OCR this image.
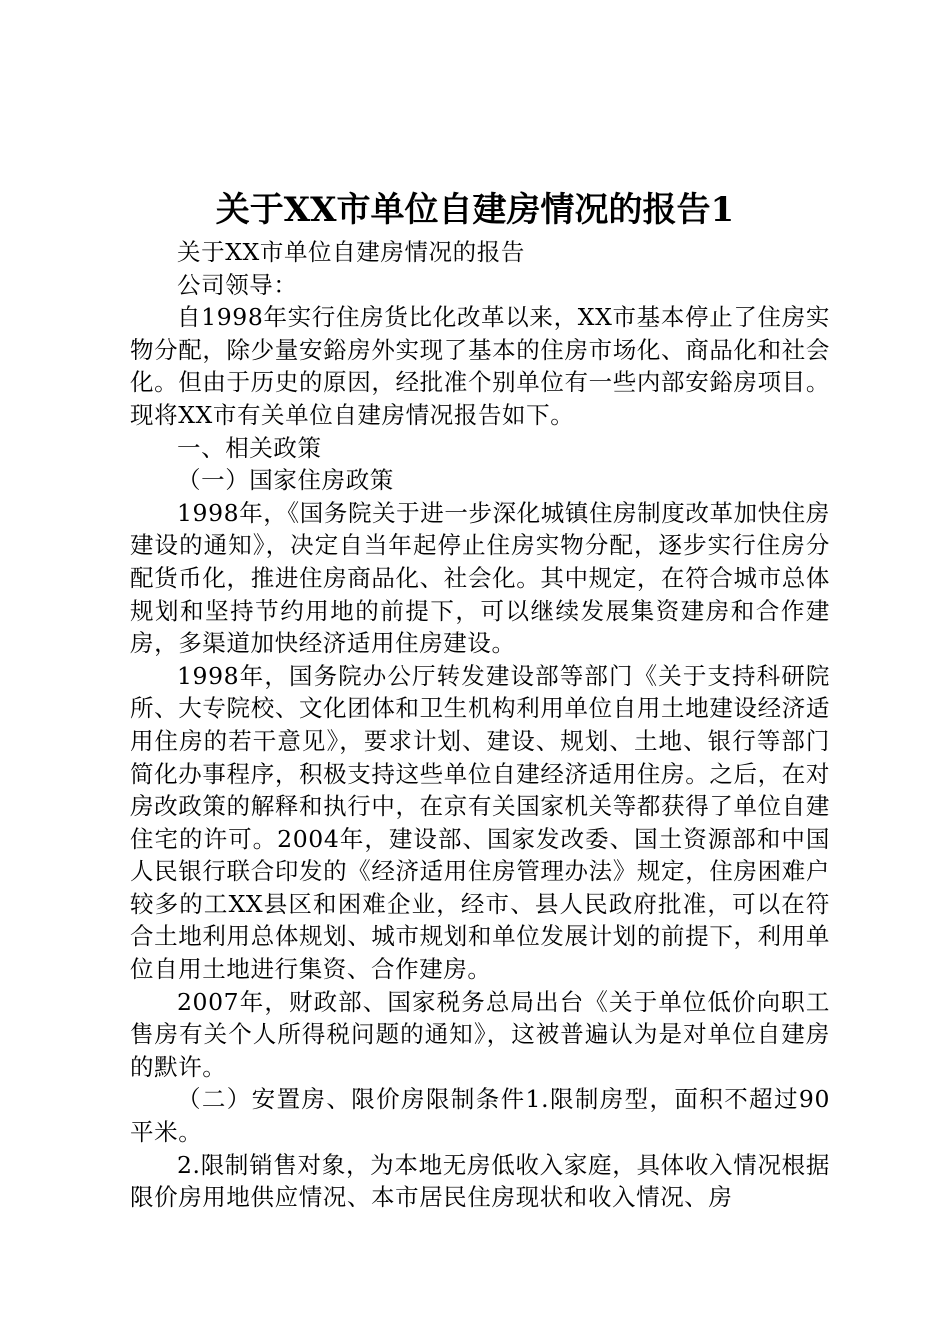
关于XX市单位自建房情况的报告1

关于XX市单位自建房情况的报告

公司领导：

自1998年实行住房货比化改革以来，XX市基本停止了住房实物分配，除少量安鋊房外实现了基本的住房市场化、商品化和社会化。但由于历史的原因，经批准个别单位有一些内部安鋊房项目。现将XX市有关单位自建房情况报告如下。

一、相关政策

（一）国家住房政策

1998年，《国务院关于进一步深化城镇住房制度改革加快住房建设的通知》，决定自当年起停止住房实物分配，逐步实行住房分配货币化，推进住房商品化、社会化。其中规定，在符合城市总体规划和坚持节约用地的前提下，可以继续发展集资建房和合作建房，多渠道加快经济适用住房建设。

1998年，国务院办公厅转发建设部等部门《关于支持科研院所、大专院校、文化团体和卫生机构利用单位自用土地建设经济适用住房的若干意见》，要求计划、建设、规划、土地、银行等部门简化办事程序，积极支持这些单位自建经济适用住房。之后，在对房改政策的解释和执行中，在京有关国家机关等都获得了单位自建住宅的许可。2004年，建设部、国家发改委、国土资源部和中国人民银行联合印发的《经济适用住房管理办法》规定，住房困难户较多的工XX县区和困难企业，经市、县人民政府批准，可以在符合土地利用总体规划、城市规划和单位发展计划的前提下，利用单位自用土地进行集资、合作建房。

2007年，财政部、国家税务总局出台《关于单位低价向职工售房有关个人所得税问题的通知》，这被普遍认为是对单位自建房的默许。

（二）安置房、限价房限制条件1.限制房型，面积不超过90平米。

2.限制销售对象，为本地无房低收入家庭，具体收入情况根据限价房用地供应情况、本市居民住房现状和收入情况、房
